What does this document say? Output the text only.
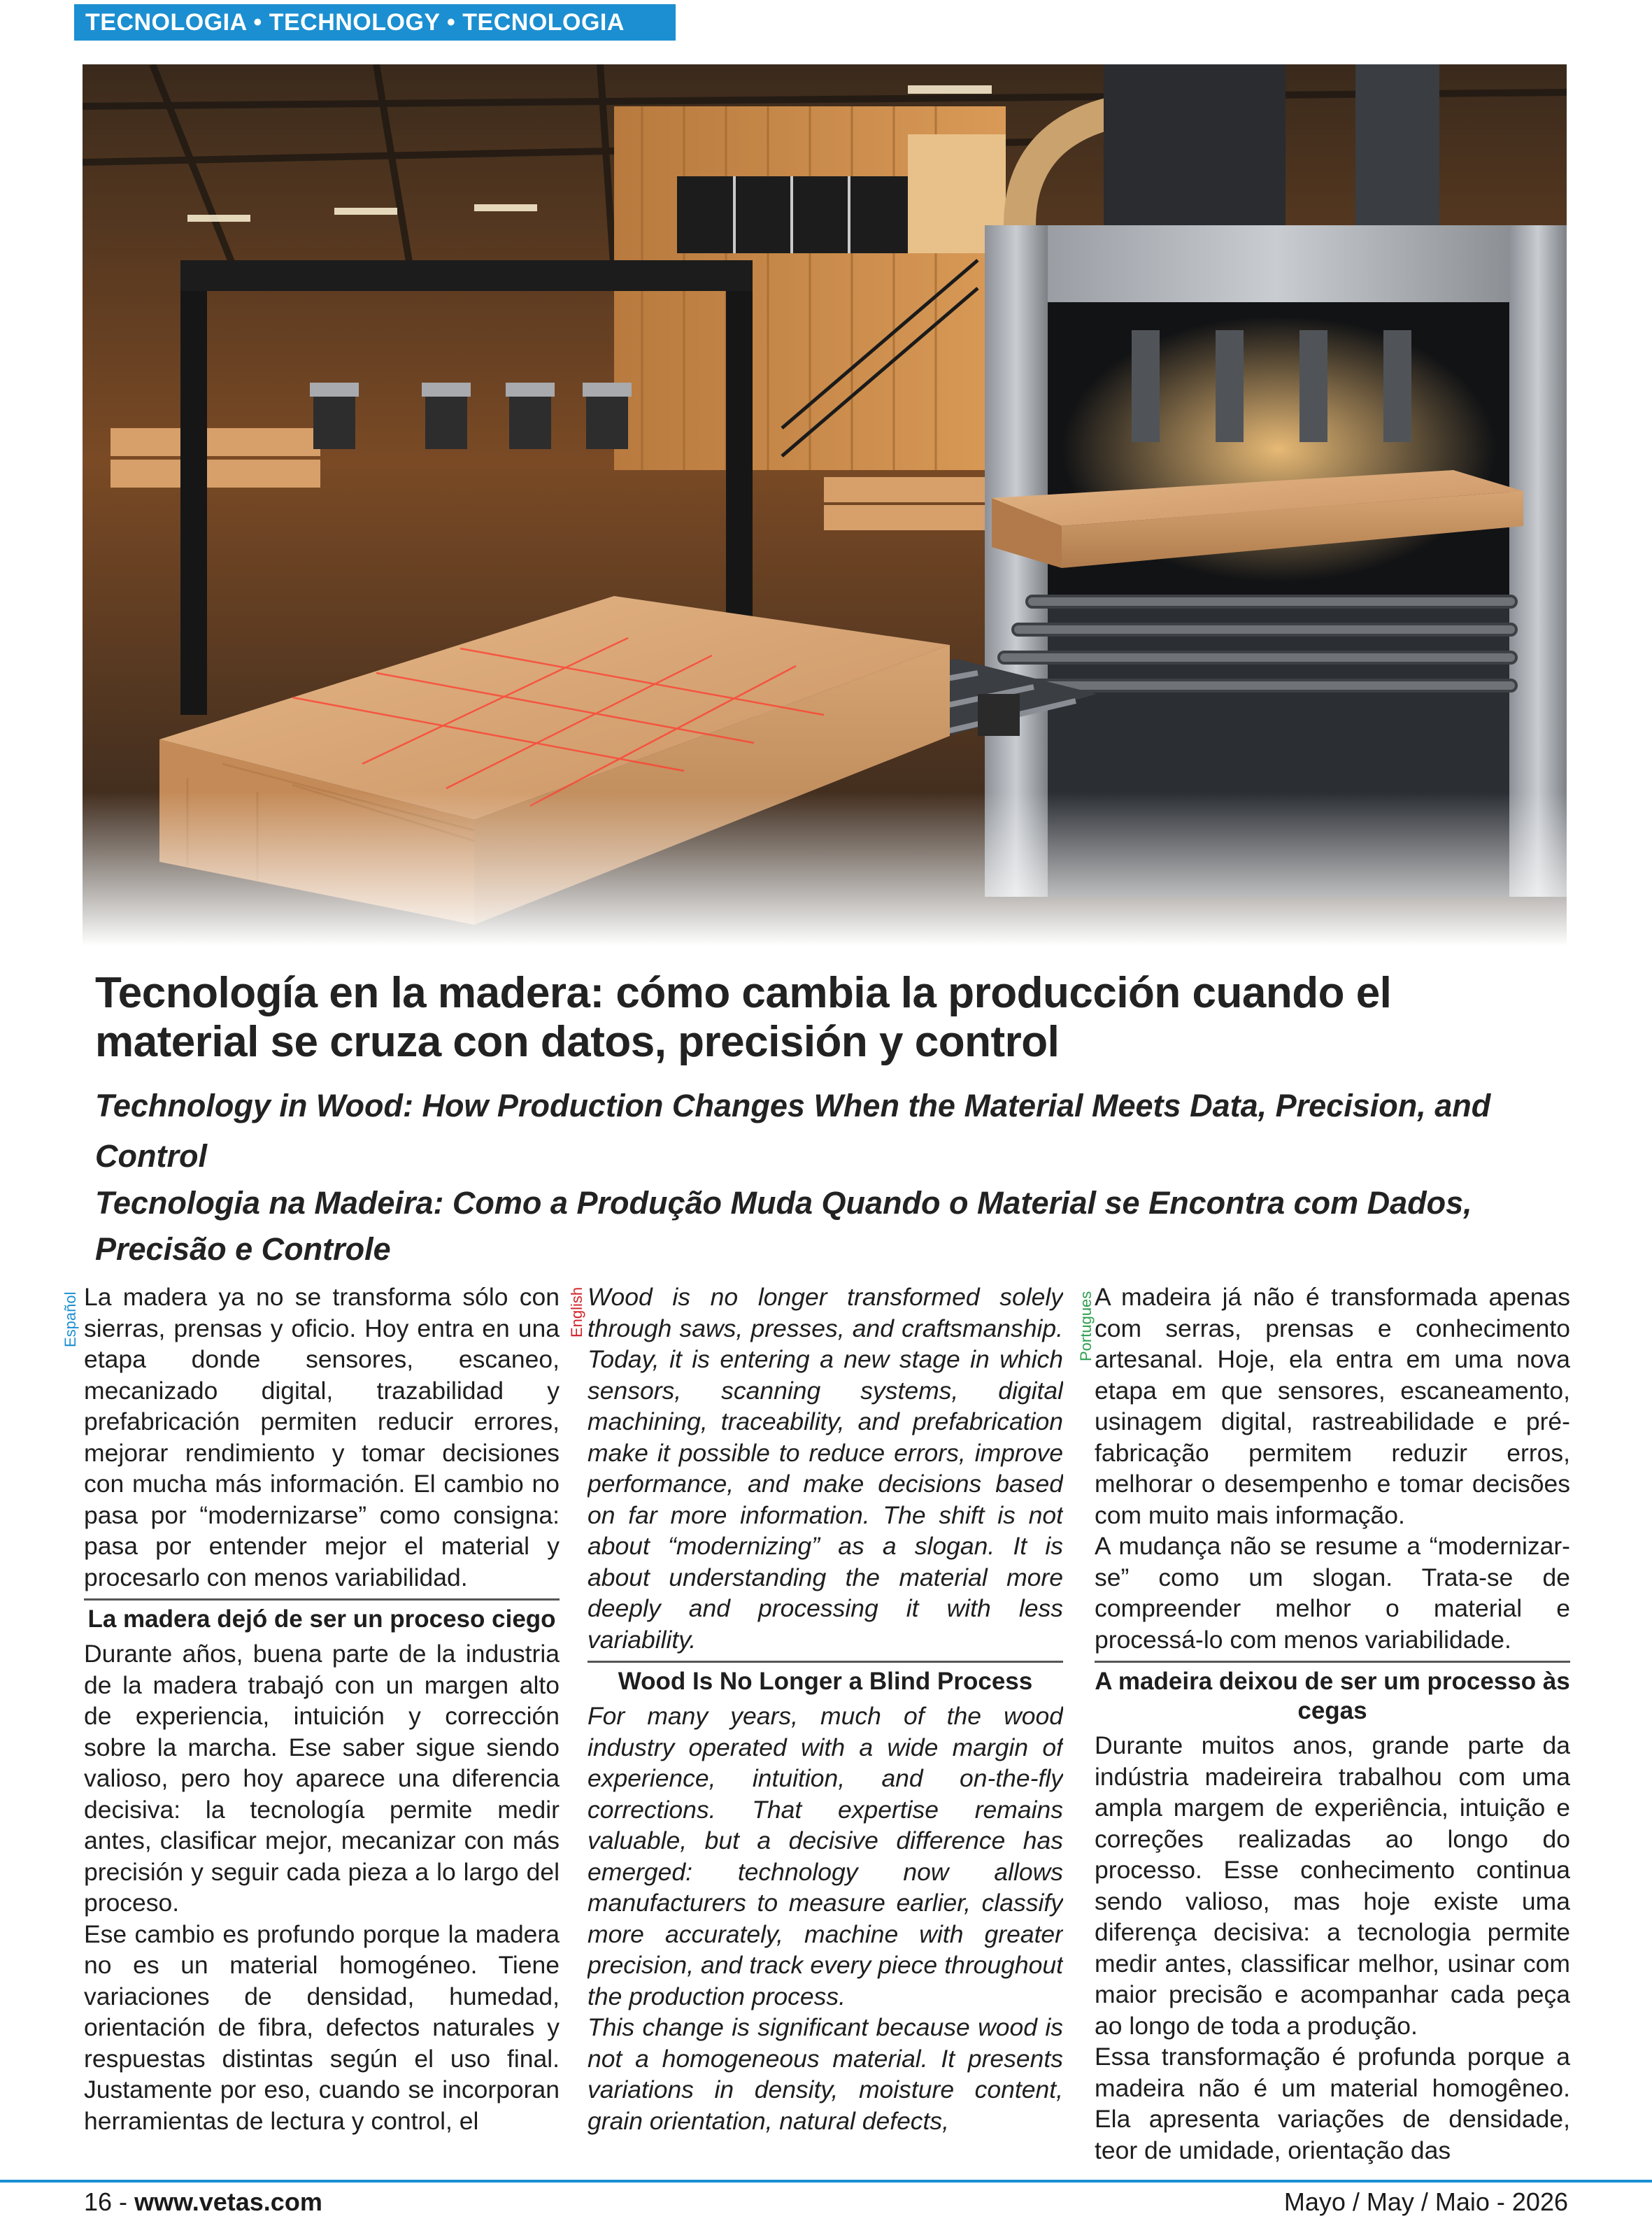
TECNOLOGIA • TECHNOLOGY • TECNOLOGIA
Tecnología en la madera: cómo cambia la producción cuando el material se cruza con datos, precisión y control
Technology in Wood: How Production Changes When the Material Meets Data, Precision, and Control
Tecnologia na Madeira: Como a Produção Muda Quando o Material se Encontra com Dados, Precisão e Controle
Español	English	Portugues

La madera ya no se transforma sólo con sierras, prensas y oficio. Hoy entra en una etapa donde sensores, escaneo, mecanizado digital, trazabilidad y prefabricación permiten reducir errores, mejorar rendimiento y tomar decisiones con mucha más información. El cambio no pasa por “modernizarse” como consigna: pasa por entender mejor el material y procesarlo con menos variabilidad.

La madera dejó de ser un proceso ciego

Durante años, buena parte de la industria de la madera trabajó con un margen alto de experiencia, intuición y corrección sobre la marcha. Ese saber sigue siendo valioso, pero hoy aparece una diferencia decisiva: la tecnología permite medir antes, clasificar mejor, mecanizar con más precisión y seguir cada pieza a lo largo del proceso.

Ese cambio es profundo porque la madera no es un material homogéneo. Tiene variaciones de densidad, humedad, orientación de fibra, defectos naturales y respuestas distintas según el uso final. Justamente por eso, cuando se incorporan herramientas de lectura y control, el

Wood is no longer transformed solely through saws, presses, and craftsmanship. Today, it is entering a new stage in which sensors, scanning systems, digital machining, traceability, and prefabrication make it possible to reduce errors, improve performance, and make decisions based on far more information. The shift is not about “modernizing” as a slogan. It is about understanding the material more deeply and processing it with less variability.

Wood Is No Longer a Blind Process

For many years, much of the wood industry operated with a wide margin of experience, intuition, and on-the-fly corrections. That expertise remains valuable, but a decisive difference has emerged: technology now allows manufacturers to measure earlier, classify more accurately, machine with greater precision, and track every piece throughout the production process.

This change is significant because wood is not a homogeneous material. It presents variations in density, moisture content, grain orientation, natural defects,

A madeira já não é transformada apenas com serras, prensas e conhecimento artesanal. Hoje, ela entra em uma nova etapa em que sensores, escaneamento, usinagem digital, rastreabilidade e pré-fabricação permitem reduzir erros, melhorar o desempenho e tomar decisões com muito mais informação.

A mudança não se resume a “modernizar-se” como um slogan. Trata-se de compreender melhor o material e processá-lo com menos variabilidade.

A madeira deixou de ser um processo às cegas

Durante muitos anos, grande parte da indústria madeireira trabalhou com uma ampla margem de experiência, intuição e correções realizadas ao longo do processo. Esse conhecimento continua sendo valioso, mas hoje existe uma diferença decisiva: a tecnologia permite medir antes, classificar melhor, usinar com maior precisão e acompanhar cada peça ao longo de toda a produção.

Essa transformação é profunda porque a madeira não é um material homogêneo. Ela apresenta variações de densidade, teor de umidade, orientação das

16 - www.vetas.com	Mayo / May / Maio - 2026
